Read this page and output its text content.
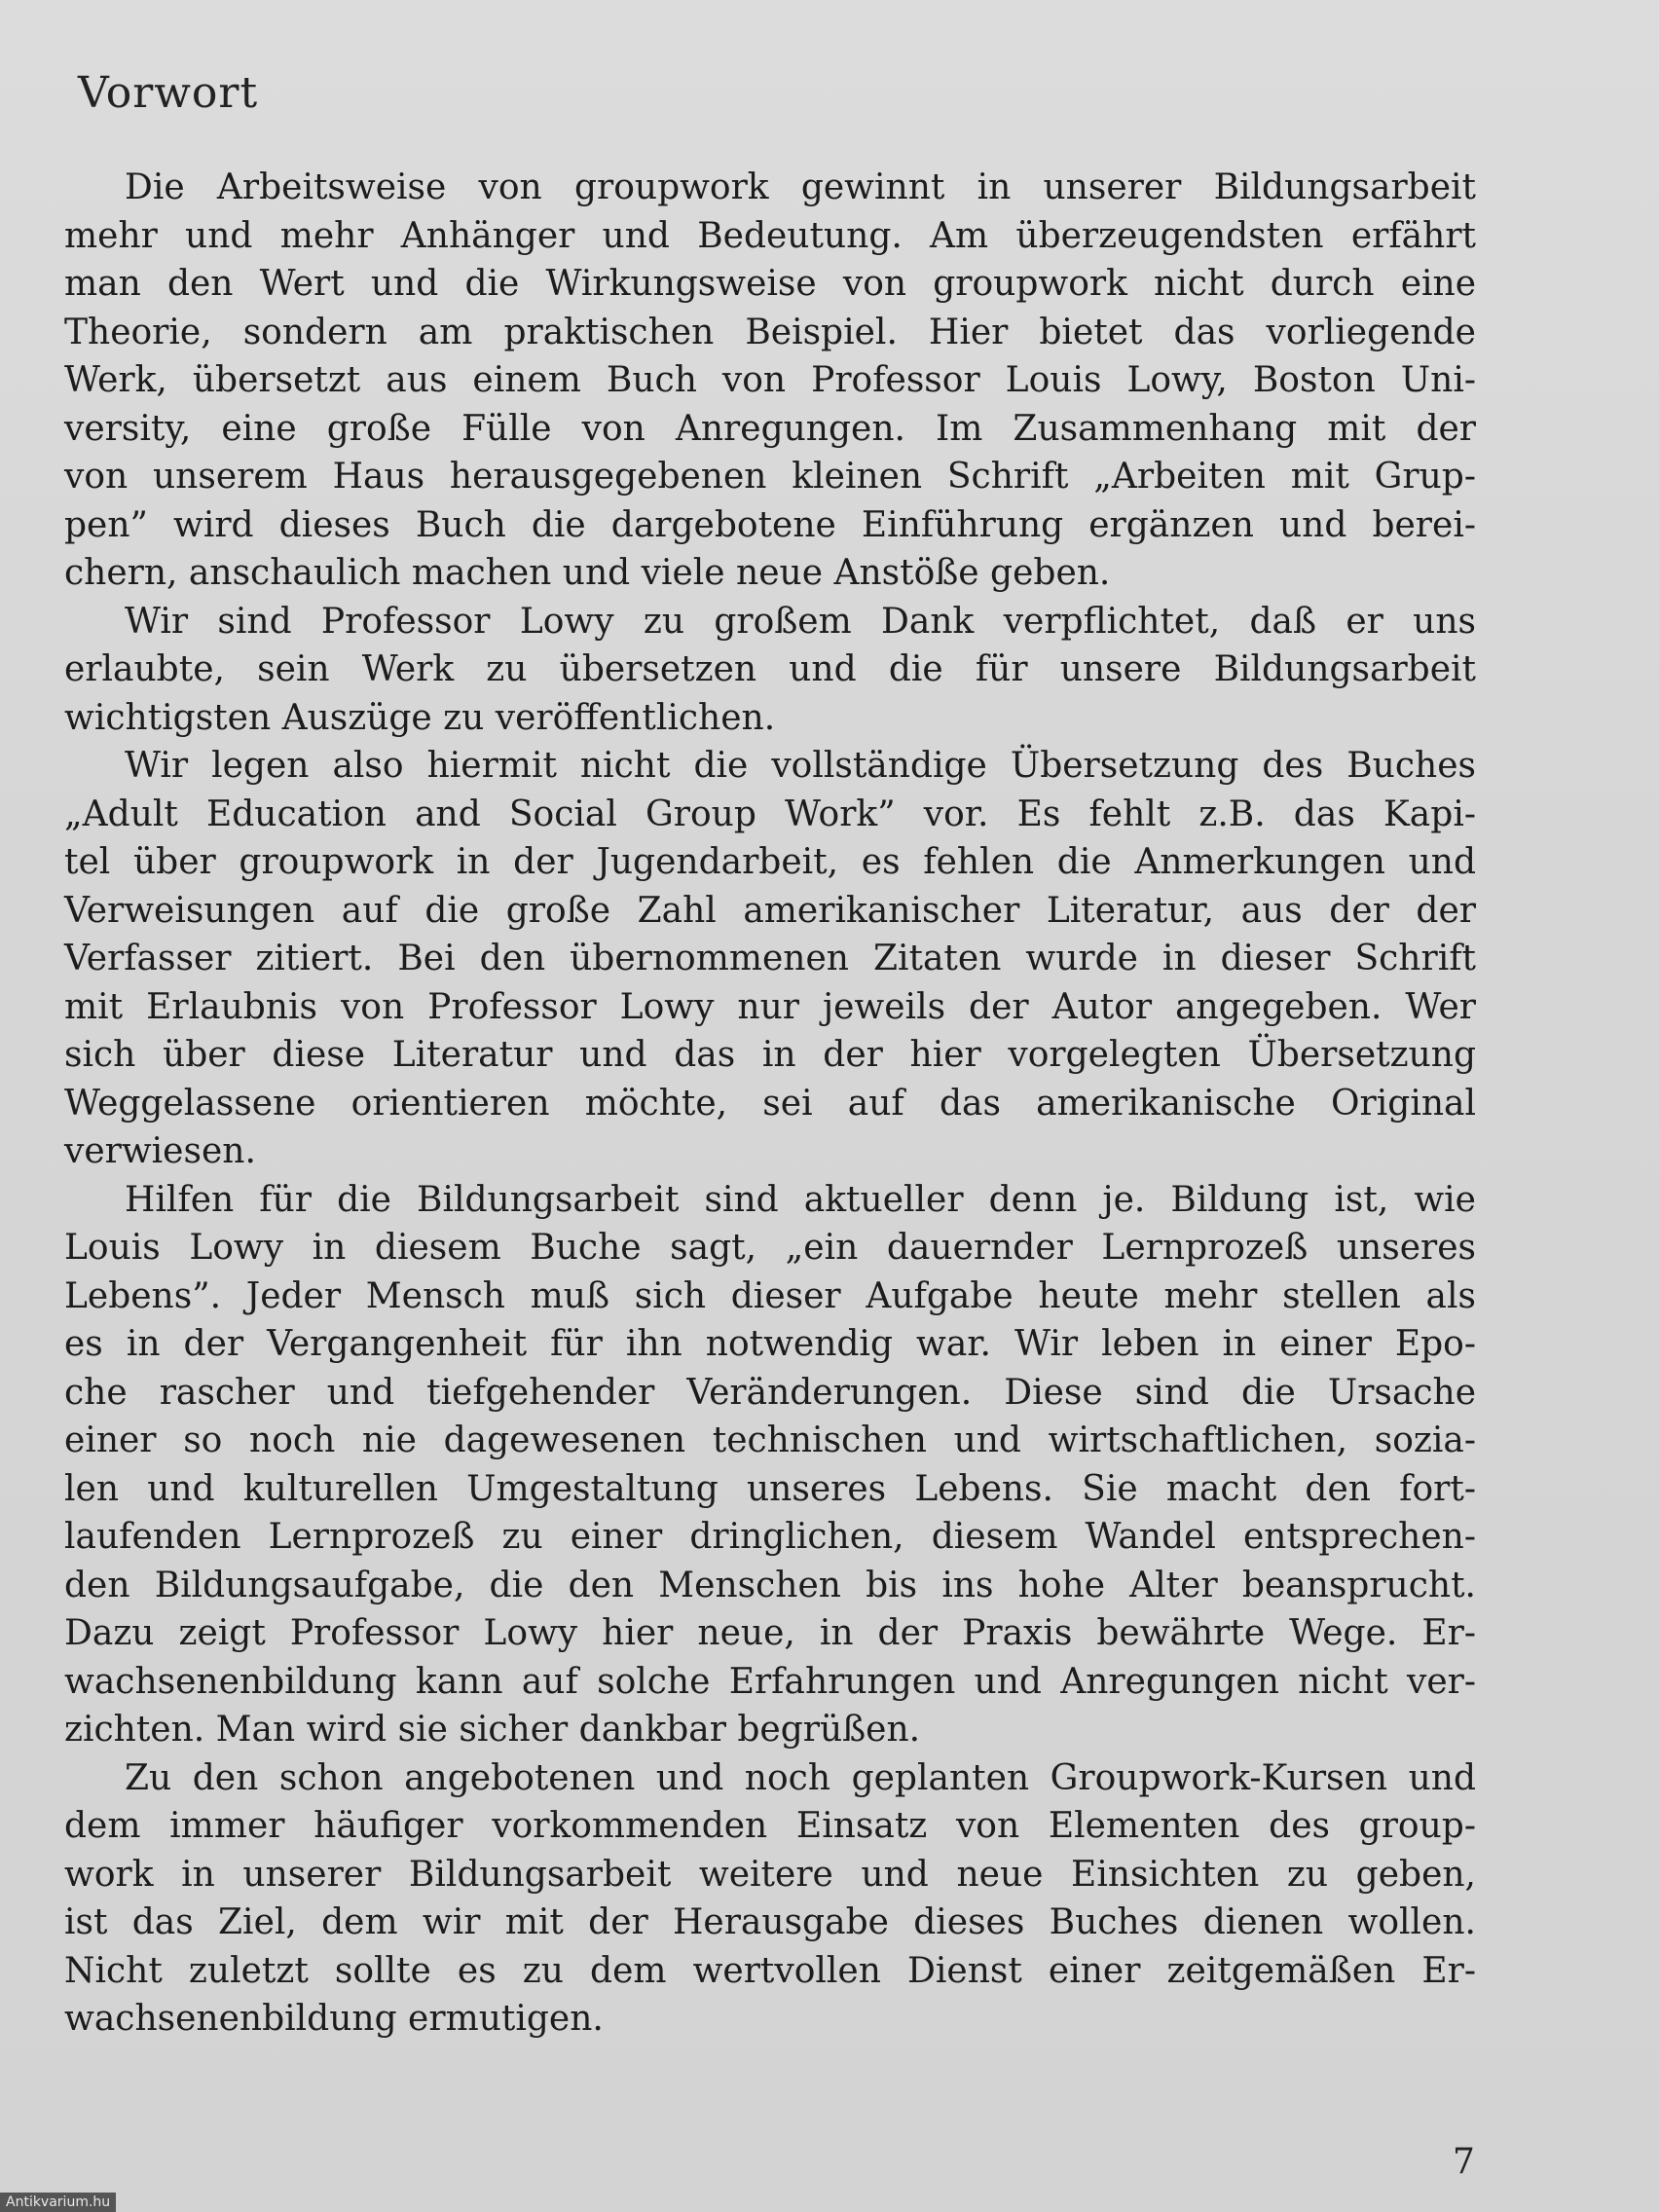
Vorwort
Die Arbeitsweise von groupwork gewinnt in unserer Bildungsarbeit
mehr und mehr Anhänger und Bedeutung. Am überzeugendsten erfährt
man den Wert und die Wirkungsweise von groupwork nicht durch eine
Theorie, sondern am praktischen Beispiel. Hier bietet das vorliegende
Werk, übersetzt aus einem Buch von Professor Louis Lowy, Boston Uni-
versity, eine große Fülle von Anregungen. Im Zusammenhang mit der
von unserem Haus herausgegebenen kleinen Schrift „Arbeiten mit Grup-
pen” wird dieses Buch die dargebotene Einführung ergänzen und berei-
chern, anschaulich machen und viele neue Anstöße geben.
Wir sind Professor Lowy zu großem Dank verpflichtet, daß er uns
erlaubte, sein Werk zu übersetzen und die für unsere Bildungsarbeit
wichtigsten Auszüge zu veröffentlichen.
Wir legen also hiermit nicht die vollständige Übersetzung des Buches
„Adult Education and Social Group Work” vor. Es fehlt z.B. das Kapi-
tel über groupwork in der Jugendarbeit, es fehlen die Anmerkungen und
Verweisungen auf die große Zahl amerikanischer Literatur, aus der der
Verfasser zitiert. Bei den übernommenen Zitaten wurde in dieser Schrift
mit Erlaubnis von Professor Lowy nur jeweils der Autor angegeben. Wer
sich über diese Literatur und das in der hier vorgelegten Übersetzung
Weggelassene orientieren möchte, sei auf das amerikanische Original
verwiesen.
Hilfen für die Bildungsarbeit sind aktueller denn je. Bildung ist, wie
Louis Lowy in diesem Buche sagt, „ein dauernder Lernprozeß unseres
Lebens”. Jeder Mensch muß sich dieser Aufgabe heute mehr stellen als
es in der Vergangenheit für ihn notwendig war. Wir leben in einer Epo-
che rascher und tiefgehender Veränderungen. Diese sind die Ursache
einer so noch nie dagewesenen technischen und wirtschaftlichen, sozia-
len und kulturellen Umgestaltung unseres Lebens. Sie macht den fort-
laufenden Lernprozeß zu einer dringlichen, diesem Wandel entsprechen-
den Bildungsaufgabe, die den Menschen bis ins hohe Alter beansprucht.
Dazu zeigt Professor Lowy hier neue, in der Praxis bewährte Wege. Er-
wachsenenbildung kann auf solche Erfahrungen und Anregungen nicht ver-
zichten. Man wird sie sicher dankbar begrüßen.
Zu den schon angebotenen und noch geplanten Groupwork-Kursen und
dem immer häufiger vorkommenden Einsatz von Elementen des group-
work in unserer Bildungsarbeit weitere und neue Einsichten zu geben,
ist das Ziel, dem wir mit der Herausgabe dieses Buches dienen wollen.
Nicht zuletzt sollte es zu dem wertvollen Dienst einer zeitgemäßen Er-
wachsenenbildung ermutigen.
7
Antikvarium.hu
